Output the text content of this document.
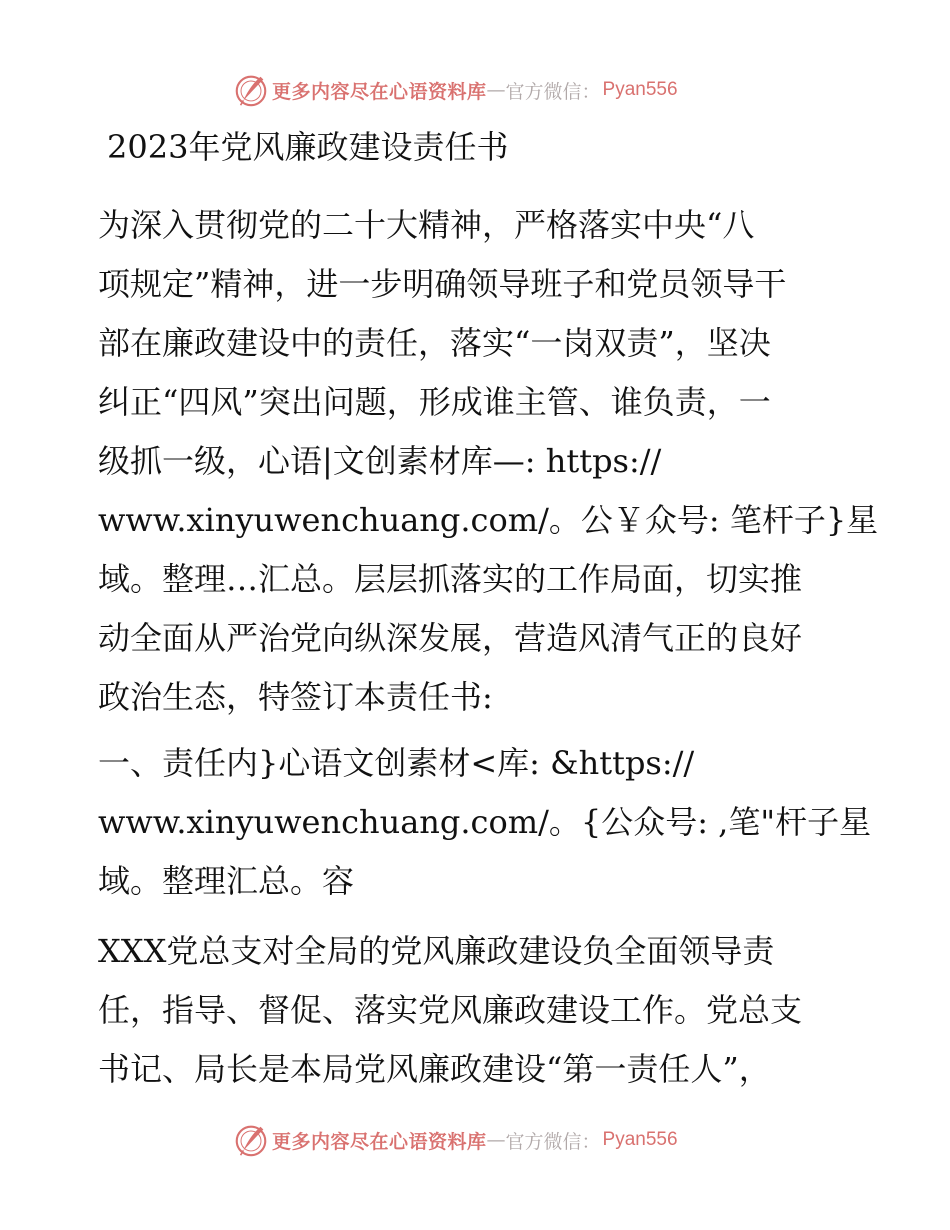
更多内容尽在心语资料库 — 官方微信： Pyan556
2023年党风廉政建设责任书
为深入贯彻党的二十大精神，严格落实中央“八
项规定”精神，进一步明确领导班子和党员领导干
部在廉政建设中的责任，落实“一岗双责”，坚决
纠正“四风”突出问题，形成谁主管、谁负责，一
级抓一级，心语|文创素材库—: https://
www.xinyuwenchuang.com/。公￥众号: 笔杆子}星
域。整理…汇总。层层抓落实的工作局面，切实推
动全面从严治党向纵深发展，营造风清气正的良好
政治生态，特签订本责任书:
一、责任内}心语文创素材<库: &https://
www.xinyuwenchuang.com/。{公众号: ,笔"杆子星
域。整理汇总。容
XXX党总支对全局的党风廉政建设负全面领导责
任，指导、督促、落实党风廉政建设工作。党总支
书记、局长是本局党风廉政建设“第一责任人”，
更多内容尽在心语资料库 — 官方微信： Pyan556
